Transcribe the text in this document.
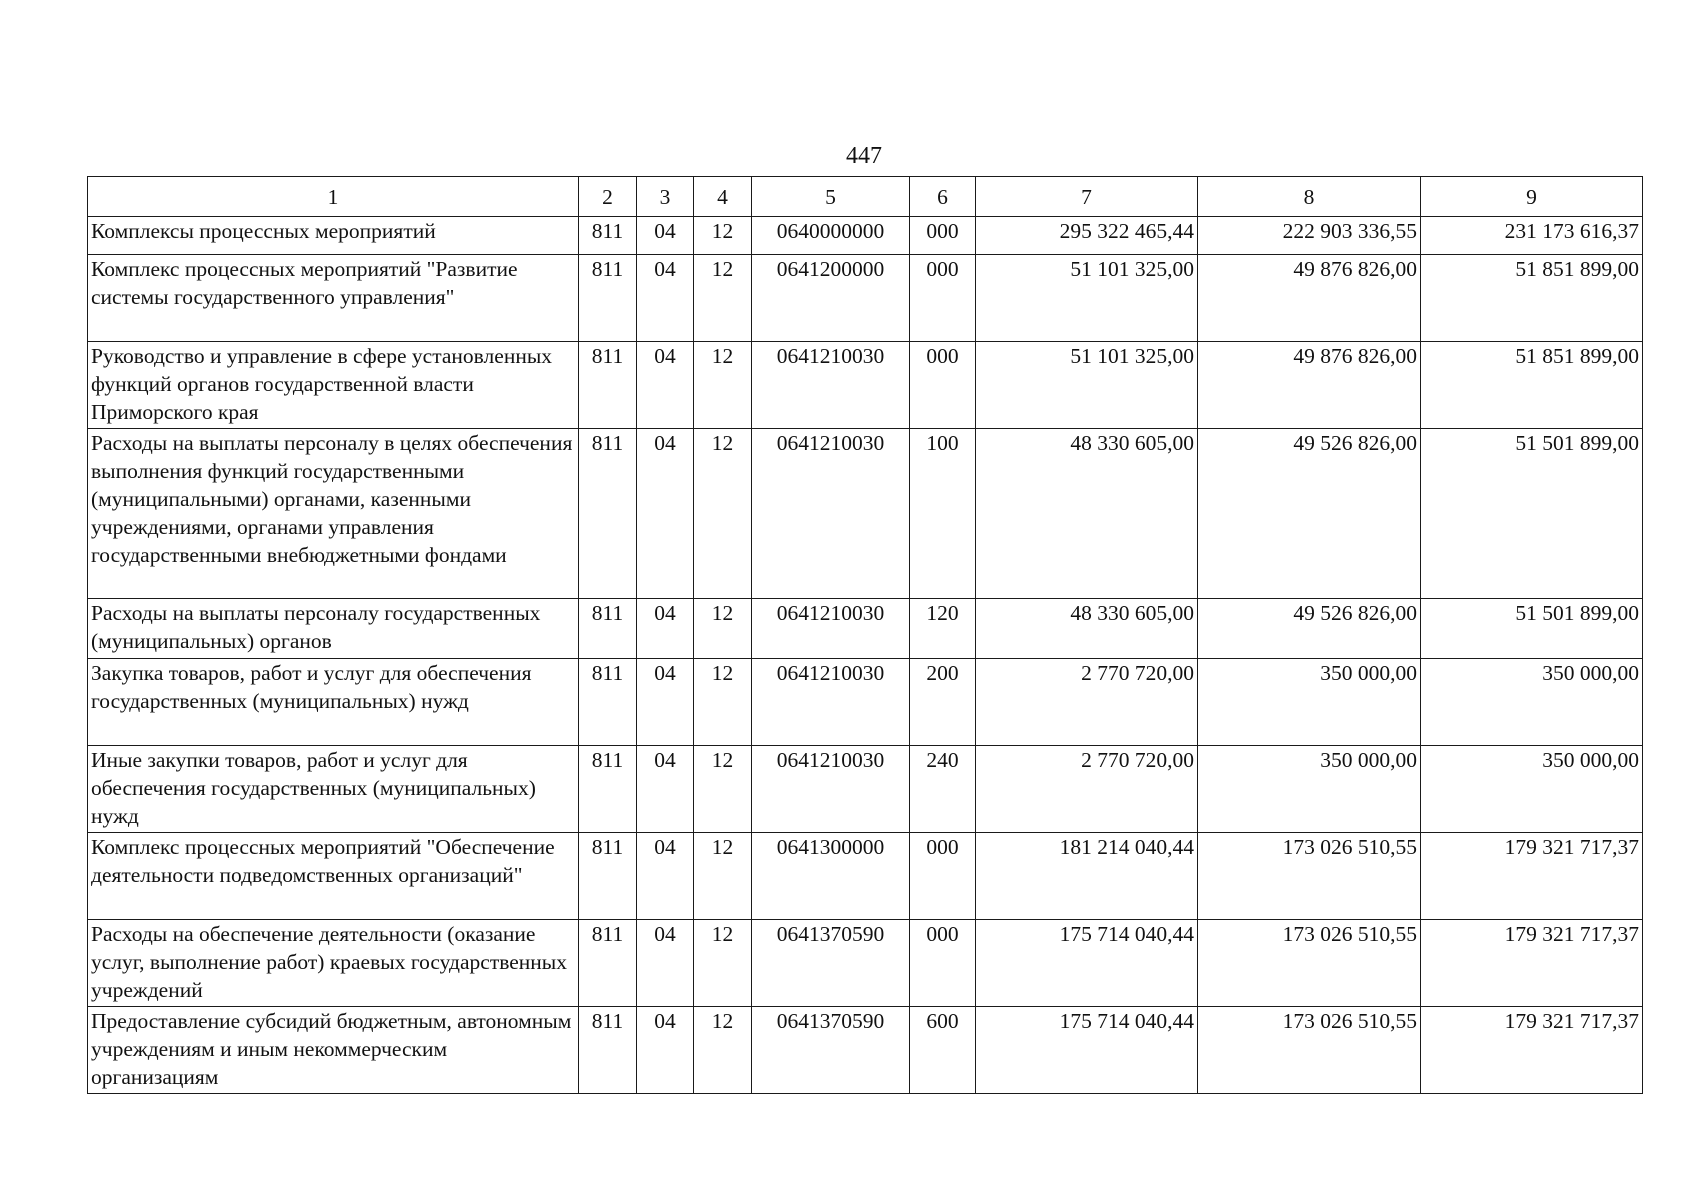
447
1	2	3	4	5	6	7	8	9
Комплексы процессных мероприятий	811	04	12	0640000000	000	295 322 465,44	222 903 336,55	231 173 616,37
Комплекс процессных мероприятий "Развитие системы государственного управления"	811	04	12	0641200000	000	51 101 325,00	49 876 826,00	51 851 899,00
Руководство и управление в сфере установленных функций органов государственной власти Приморского края	811	04	12	0641210030	000	51 101 325,00	49 876 826,00	51 851 899,00
Расходы на выплаты персоналу в целях обеспечения выполнения функций государственными (муниципальными) органами, казенными учреждениями, органами управления государственными внебюджетными фондами	811	04	12	0641210030	100	48 330 605,00	49 526 826,00	51 501 899,00
Расходы на выплаты персоналу государственных (муниципальных) органов	811	04	12	0641210030	120	48 330 605,00	49 526 826,00	51 501 899,00
Закупка товаров, работ и услуг для обеспечения государственных (муниципальных) нужд	811	04	12	0641210030	200	2 770 720,00	350 000,00	350 000,00
Иные закупки товаров, работ и услуг для обеспечения государственных (муниципальных) нужд	811	04	12	0641210030	240	2 770 720,00	350 000,00	350 000,00
Комплекс процессных мероприятий "Обеспечение деятельности подведомственных организаций"	811	04	12	0641300000	000	181 214 040,44	173 026 510,55	179 321 717,37
Расходы на обеспечение деятельности (оказание услуг, выполнение работ) краевых государственных учреждений	811	04	12	0641370590	000	175 714 040,44	173 026 510,55	179 321 717,37
Предоставление субсидий бюджетным, автономным учреждениям и иным некоммерческим организациям	811	04	12	0641370590	600	175 714 040,44	173 026 510,55	179 321 717,37
